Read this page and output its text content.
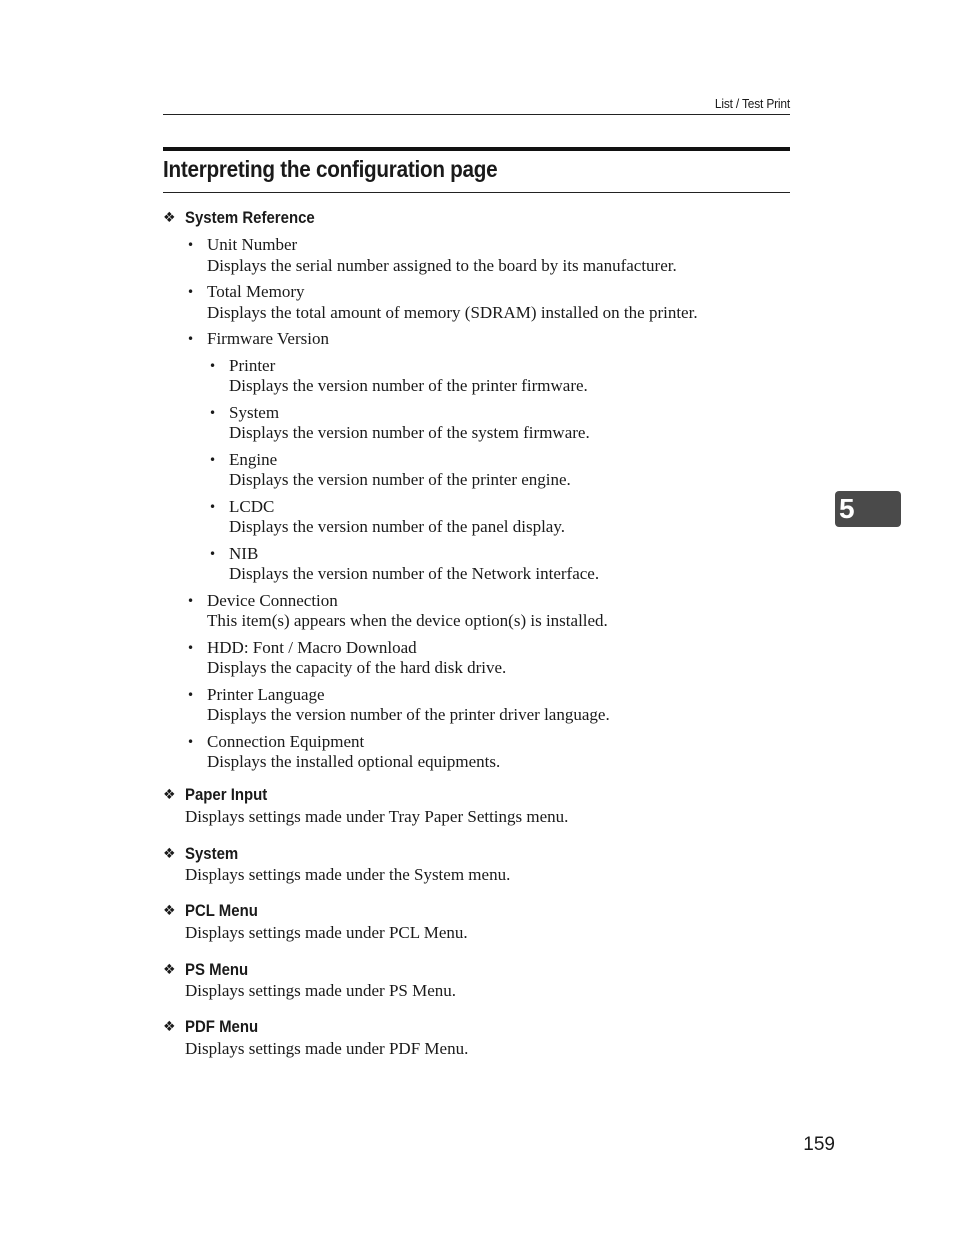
List / Test Print
Interpreting the configuration page
❖ System Reference
• Unit Number
Displays the serial number assigned to the board by its manufacturer.
• Total Memory
Displays the total amount of memory (SDRAM) installed on the printer.
• Firmware Version
• Printer
Displays the version number of the printer firmware.
• System
Displays the version number of the system firmware.
• Engine
Displays the version number of the printer engine.
• LCDC
Displays the version number of the panel display.
• NIB
Displays the version number of the Network interface.
• Device Connection
This item(s) appears when the device option(s) is installed.
• HDD: Font / Macro Download
Displays the capacity of the hard disk drive.
• Printer Language
Displays the version number of the printer driver language.
• Connection Equipment
Displays the installed optional equipments.
❖ Paper Input

Displays settings made under Tray Paper Settings menu.

❖ System

Displays settings made under the System menu.

❖ PCL Menu

Displays settings made under PCL Menu.

❖ PS Menu

Displays settings made under PS Menu.

❖ PDF Menu

Displays settings made under PDF Menu.

5
159
